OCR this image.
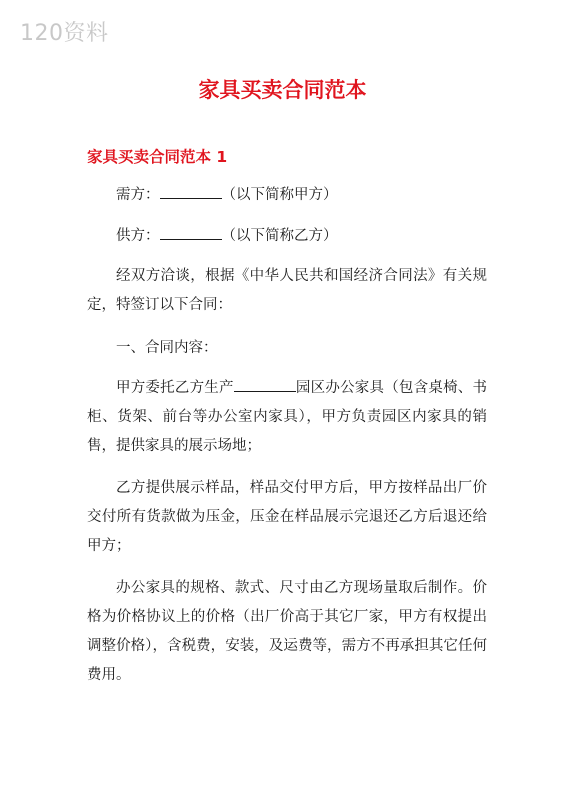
120资料
家具买卖合同范本
家具买卖合同范本 1
需方：	（以下简称甲方）
供方：	（以下简称乙方）
经双方洽谈，根据《中华人民共和国经济合同法》有关规定，特签订以下合同：
一、合同内容：
甲方委托乙方生产	园区办公家具（包含桌椅、书柜、货架、前台等办公室内家具），甲方负责园区内家具的销售，提供家具的展示场地；
乙方提供展示样品，样品交付甲方后，甲方按样品出厂价交付所有货款做为压金，压金在样品展示完退还乙方后退还给甲方；
办公家具的规格、款式、尺寸由乙方现场量取后制作。价格为价格协议上的价格（出厂价高于其它厂家，甲方有权提出调整价格），含税费，安装，及运费等，需方不再承担其它任何费用。
